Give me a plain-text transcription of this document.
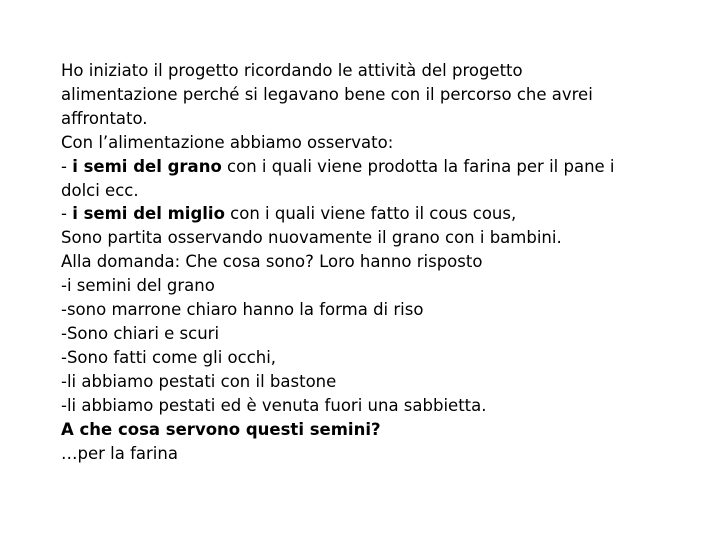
Ho iniziato il progetto ricordando le attività del progetto
alimentazione perché si legavano bene con il percorso che avrei
affrontato.
Con l’alimentazione abbiamo osservato:
- i semi del grano con i quali viene prodotta la farina per il pane i
dolci ecc.
- i semi del miglio con i quali viene fatto il cous cous,
Sono partita osservando nuovamente il grano con i bambini.
Alla domanda: Che cosa sono? Loro hanno risposto
-i semini del grano
-sono marrone chiaro hanno la forma di riso
-Sono chiari e scuri
-Sono fatti come gli occhi,
-li abbiamo pestati con il bastone
-li abbiamo pestati ed è venuta fuori una sabbietta.
A che cosa servono questi semini?
…per la farina
